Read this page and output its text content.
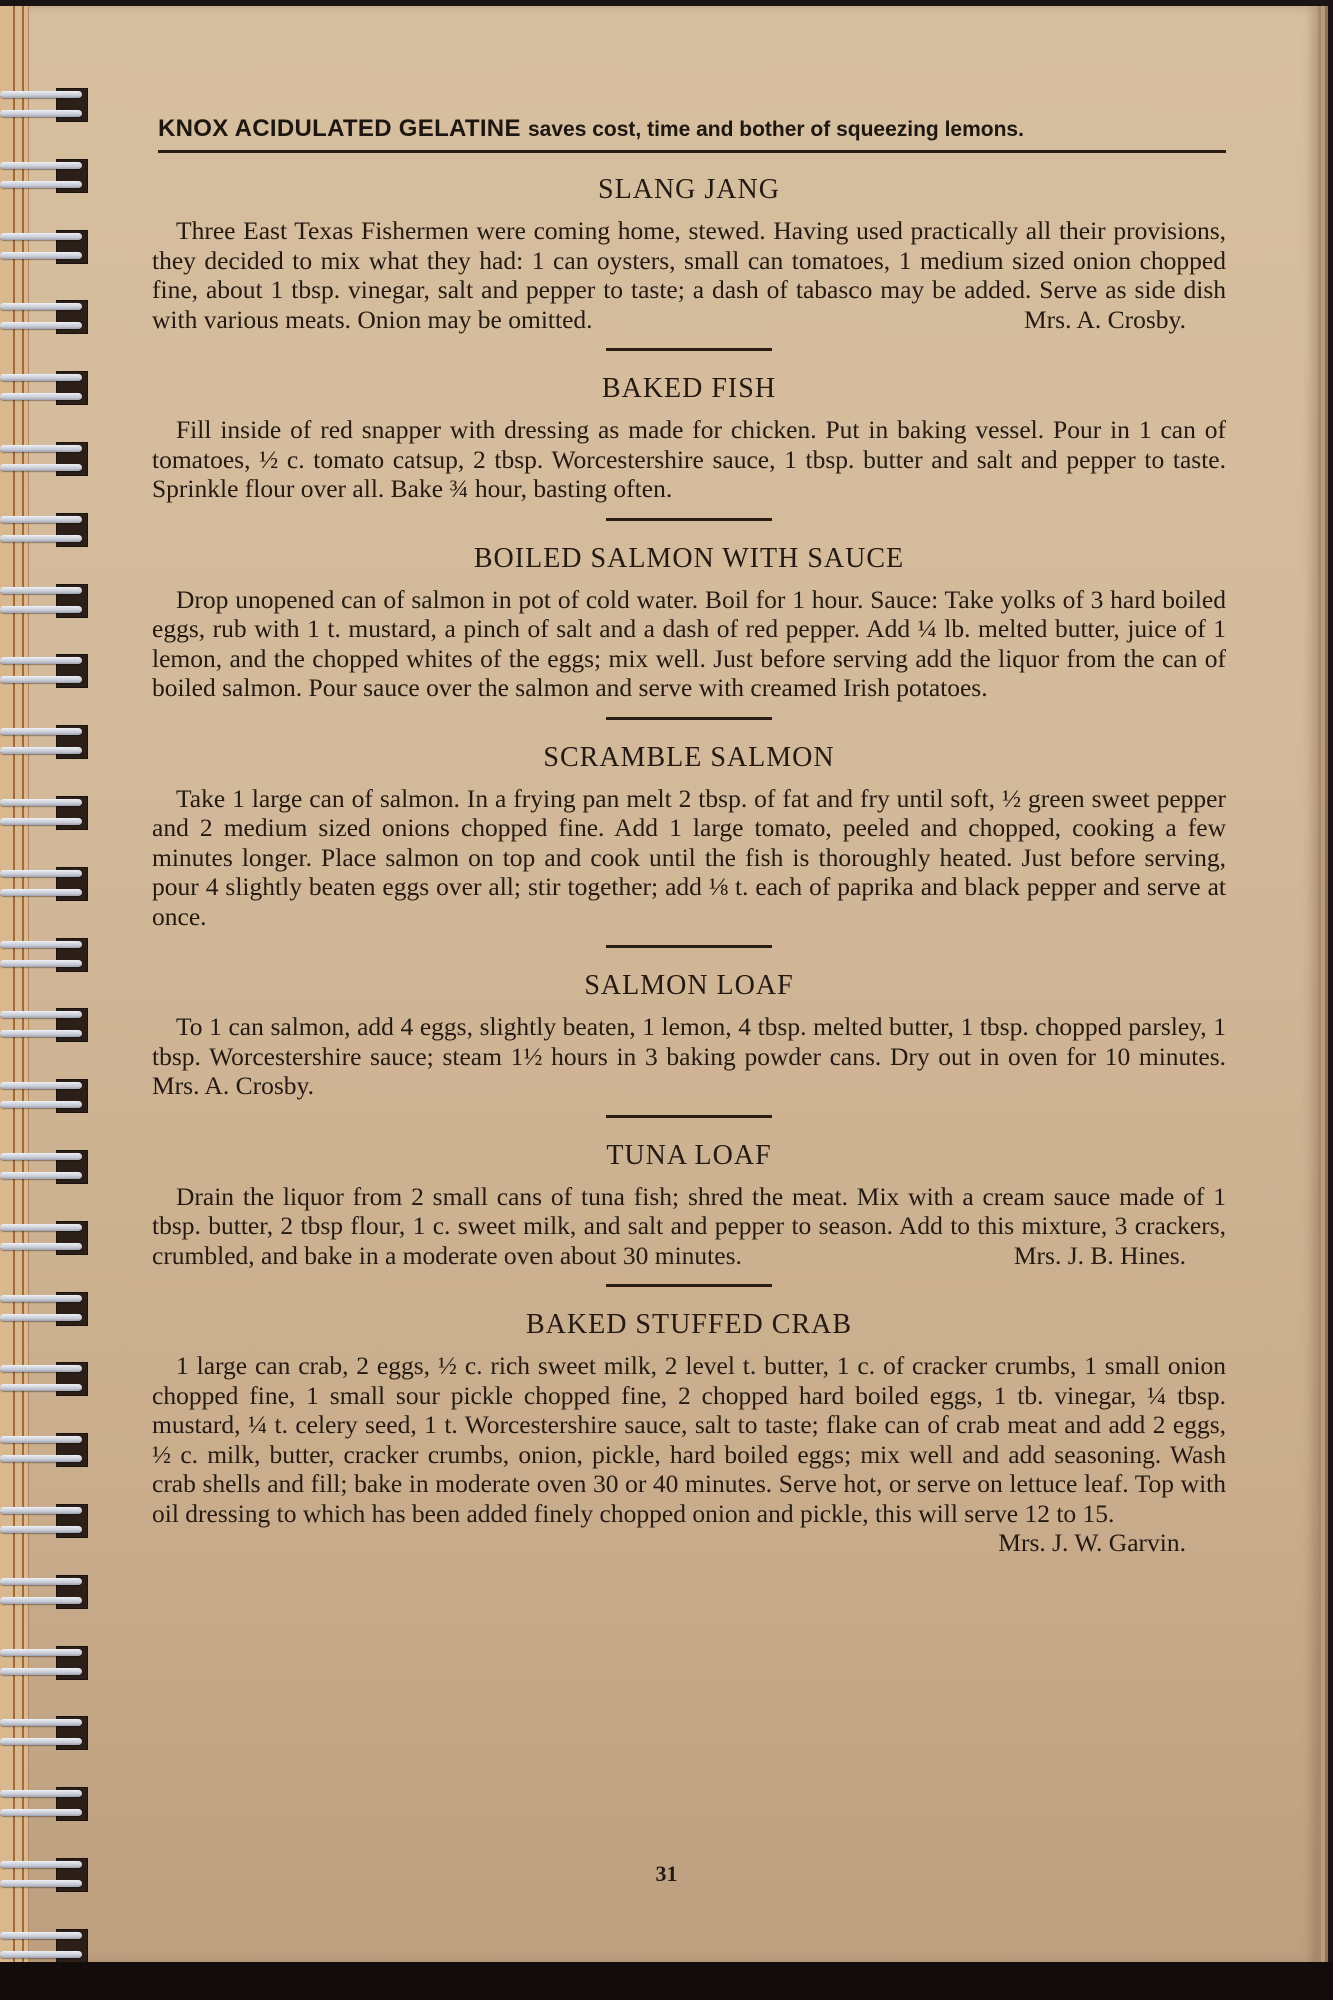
KNOX ACIDULATED GELATINE saves cost, time and bother of squeezing lemons.
SLANG JANG

Three East Texas Fishermen were coming home, stewed. Having used practically all their provisions, they decided to mix what they had: 1 can oysters, small can tomatoes, 1 medium sized onion chopped fine, about 1 tbsp. vinegar, salt and pepper to taste; a dash of tabasco may be added. Serve as side dish with various meats. Onion may be omitted.	Mrs. A. Crosby.

BAKED FISH

Fill inside of red snapper with dressing as made for chicken. Put in baking vessel. Pour in 1 can of tomatoes, ½ c. tomato catsup, 2 tbsp. Worcestershire sauce, 1 tbsp. butter and salt and pepper to taste. Sprinkle flour over all. Bake ¾ hour, basting often.

BOILED SALMON WITH SAUCE

Drop unopened can of salmon in pot of cold water. Boil for 1 hour. Sauce: Take yolks of 3 hard boiled eggs, rub with 1 t. mustard, a pinch of salt and a dash of red pepper. Add ¼ lb. melted butter, juice of 1 lemon, and the chopped whites of the eggs; mix well. Just before serving add the liquor from the can of boiled salmon. Pour sauce over the salmon and serve with creamed Irish potatoes.

SCRAMBLE SALMON

Take 1 large can of salmon. In a frying pan melt 2 tbsp. of fat and fry until soft, ½ green sweet pepper and 2 medium sized onions chopped fine. Add 1 large tomato, peeled and chopped, cooking a few minutes longer. Place salmon on top and cook until the fish is thoroughly heated. Just before serving, pour 4 slightly beaten eggs over all; stir together; add ⅛ t. each of paprika and black pepper and serve at once.

SALMON LOAF

To 1 can salmon, add 4 eggs, slightly beaten, 1 lemon, 4 tbsp. melted butter, 1 tbsp. chopped parsley, 1 tbsp. Worcestershire sauce; steam 1½ hours in 3 baking powder cans. Dry out in oven for 10 minutes. Mrs. A. Crosby.

TUNA LOAF

Drain the liquor from 2 small cans of tuna fish; shred the meat. Mix with a cream sauce made of 1 tbsp. butter, 2 tbsp flour, 1 c. sweet milk, and salt and pepper to season. Add to this mixture, 3 crackers, crumbled, and bake in a moderate oven about 30 minutes.	Mrs. J. B. Hines.

BAKED STUFFED CRAB

1 large can crab, 2 eggs, ½ c. rich sweet milk, 2 level t. butter, 1 c. of cracker crumbs, 1 small onion chopped fine, 1 small sour pickle chopped fine, 2 chopped hard boiled eggs, 1 tb. vinegar, ¼ tbsp. mustard, ¼ t. celery seed, 1 t. Worcestershire sauce, salt to taste; flake can of crab meat and add 2 eggs, ½ c. milk, butter, cracker crumbs, onion, pickle, hard boiled eggs; mix well and add seasoning. Wash crab shells and fill; bake in moderate oven 30 or 40 minutes. Serve hot, or serve on lettuce leaf. Top with oil dressing to which has been added finely chopped onion and pickle, this will serve 12 to 15.

Mrs. J. W. Garvin.
31
